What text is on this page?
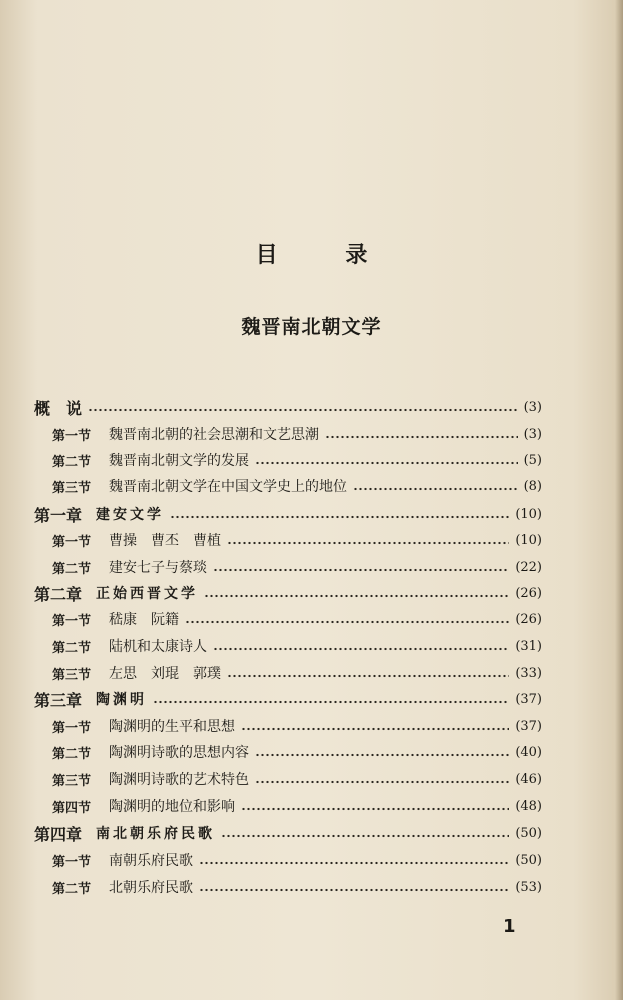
目 录
魏晋南北朝文学
概　说	(3)
第一节 魏晋南北朝的社会思潮和文艺思潮	(3)
第二节 魏晋南北朝文学的发展	(5)
第三节 魏晋南北朝文学在中国文学史上的地位	(8)
第一章 建安文学	(10)
第一节 曹操　曹丕　曹植	(10)
第二节 建安七子与蔡琰	(22)
第二章 正始西晋文学	(26)
第一节 嵇康　阮籍	(26)
第二节 陆机和太康诗人	(31)
第三节 左思　刘琨　郭璞	(33)
第三章 陶渊明	(37)
第一节 陶渊明的生平和思想	(37)
第二节 陶渊明诗歌的思想内容	(40)
第三节 陶渊明诗歌的艺术特色	(46)
第四节 陶渊明的地位和影响	(48)
第四章 南北朝乐府民歌	(50)
第一节 南朝乐府民歌	(50)
第二节 北朝乐府民歌	(53)
1
